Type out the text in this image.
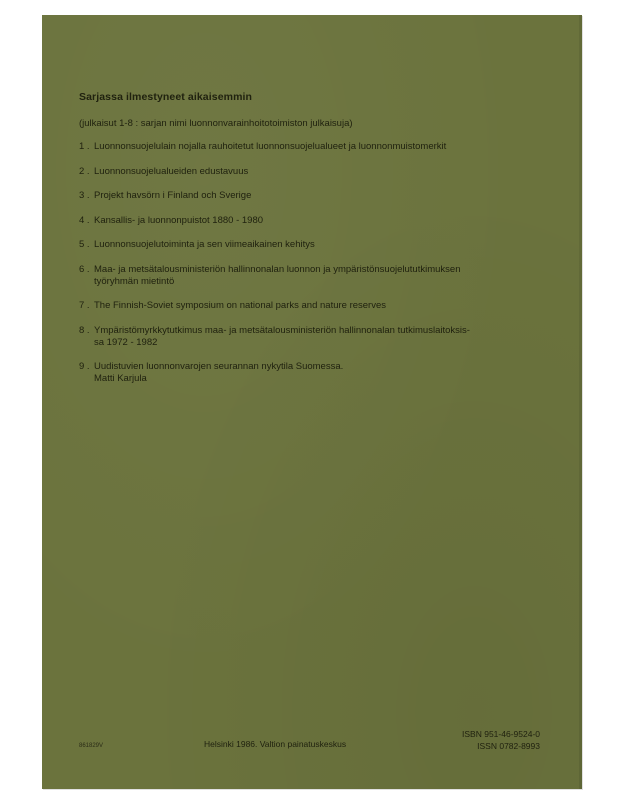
Sarjassa ilmestyneet aikaisemmin

(julkaisut 1-8 : sarjan nimi luonnonvarainhoitotoimiston julkaisuja)

1 . Luonnonsuojelulain nojalla rauhoitetut luonnonsuojelualueet ja luonnonmuistomerkit
2 . Luonnonsuojelualueiden edustavuus
3 . Projekt havsörn i Finland och Sverige
4 . Kansallis- ja luonnonpuistot 1880 - 1980
5 . Luonnonsuojelutoiminta ja sen viimeaikainen kehitys
6 . Maa- ja metsätalousministeriön hallinnonalan luonnon ja ympäristönsuojelututkimuksen
työryhmän mietintö
7 . The Finnish-Soviet symposium on national parks and nature reserves
8 . Ympäristömyrkkytutkimus maa- ja metsätalousministeriön hallinnonalan tutkimuslaitoksis-
sa 1972 - 1982
9 . Uudistuvien luonnonvarojen seurannan nykytila Suomessa.
Matti Karjula
861829V	Helsinki 1986. Valtion painatuskeskus
ISBN 951-46-9524-0
ISSN 0782-8993
